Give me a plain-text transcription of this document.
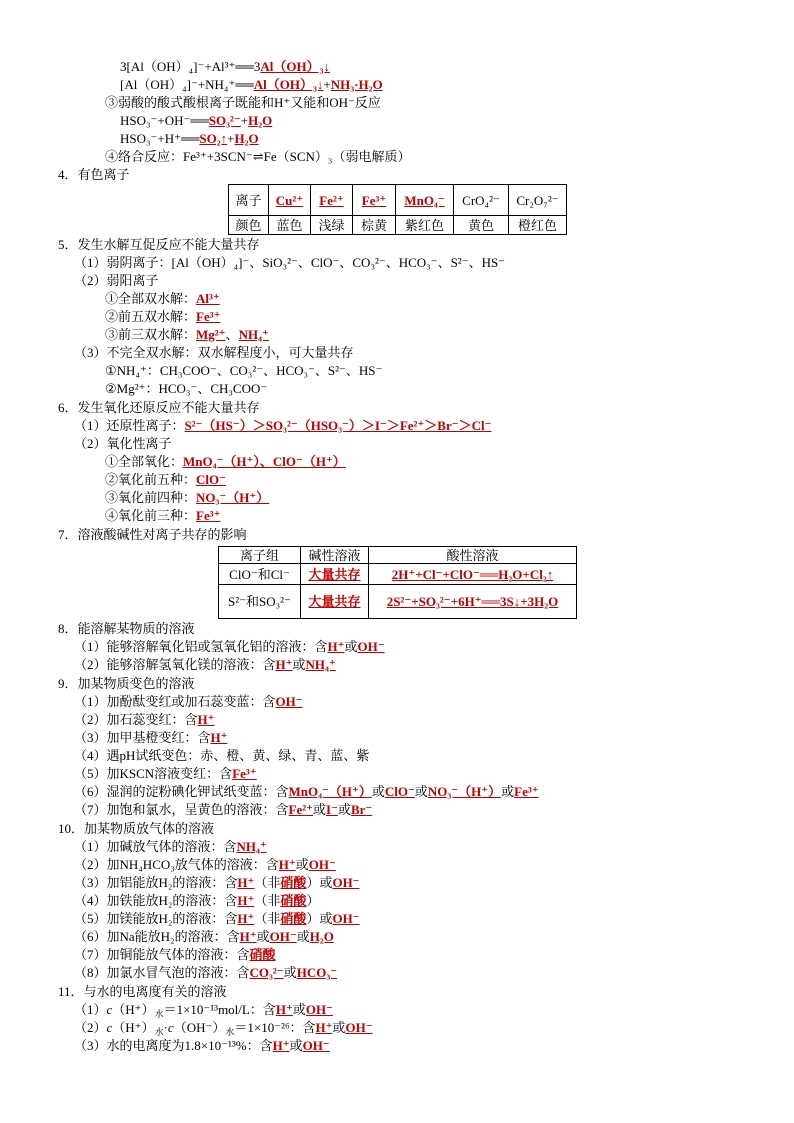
3[Al（OH）₄]⁻+Al³⁺══3Al（OH）₃↓
[Al（OH）₄]⁻+NH₄⁺══Al（OH）₃↓+NH₃·H₂O
③弱酸的酸式酸根离子既能和H⁺又能和OH⁻反应
HSO₃⁻+OH⁻══SO₃²⁻+H₂O
HSO₃⁻+H⁺══SO₂↑+H₂O
④络合反应：Fe³⁺+3SCN⁻⇌Fe（SCN）₃（弱电解质）
4．有色离子
离子	Cu²⁺	Fe²⁺	Fe³⁺	MnO₄⁻	CrO₄²⁻	Cr₂O₇²⁻
颜色	蓝色	浅绿	棕黄	紫红色	黄色	橙红色
5．发生水解互促反应不能大量共存
（1）弱阴离子：[Al（OH）₄]⁻、SiO₃²⁻、ClO⁻、CO₃²⁻、HCO₃⁻、S²⁻、HS⁻
（2）弱阳离子
①全部双水解：Al³⁺
②前五双水解：Fe³⁺
③前三双水解：Mg²⁺、NH₄⁺
（3）不完全双水解：双水解程度小，可大量共存
①NH₄⁺：CH₃COO⁻、CO₃²⁻、HCO₃⁻、S²⁻、HS⁻
②Mg²⁺：HCO₃⁻、CH₃COO⁻
6．发生氧化还原反应不能大量共存
（1）还原性离子：S²⁻（HS⁻）＞SO₃²⁻（HSO₃⁻）＞I⁻＞Fe²⁺＞Br⁻＞Cl⁻
（2）氧化性离子
①全部氧化：MnO₄⁻（H⁺）、ClO⁻（H⁺）
②氧化前五种：ClO⁻
③氧化前四种：NO₃⁻（H⁺）
④氧化前三种：Fe³⁺
7．溶液酸碱性对离子共存的影响
离子组	碱性溶液	酸性溶液
ClO⁻和Cl⁻	大量共存	2H⁺+Cl⁻+ClO⁻══H₂O+Cl₂↑
S²⁻和SO₃²⁻	大量共存	2S²⁻+SO₃²⁻+6H⁺══3S↓+3H₂O
8．能溶解某物质的溶液
（1）能够溶解氧化铝或氢氧化铝的溶液：含H⁺或OH⁻
（2）能够溶解氢氧化镁的溶液：含H⁺或NH₄⁺
9．加某物质变色的溶液
（1）加酚酞变红或加石蕊变蓝：含OH⁻
（2）加石蕊变红：含H⁺
（3）加甲基橙变红：含H⁺
（4）遇pH试纸变色：赤、橙、黄、绿、青、蓝、紫
（5）加KSCN溶液变红：含Fe³⁺
（6）湿润的淀粉碘化钾试纸变蓝：含MnO₄⁻（H⁺）或ClO⁻或NO₃⁻（H⁺）或Fe³⁺
（7）加饱和氯水，呈黄色的溶液：含Fe²⁺或I⁻或Br⁻
10．加某物质放气体的溶液
（1）加碱放气体的溶液：含NH₄⁺
（2）加NH₄HCO₃放气体的溶液：含H⁺或OH⁻
（3）加铝能放H₂的溶液：含H⁺（非硝酸）或OH⁻
（4）加铁能放H₂的溶液：含H⁺（非硝酸）
（5）加镁能放H₂的溶液：含H⁺（非硝酸）或OH⁻
（6）加Na能放H₂的溶液：含H⁺或OH⁻或H₂O
（7）加铜能放气体的溶液：含硝酸
（8）加氯水冒气泡的溶液：含CO₃²⁻或HCO₃⁻
11．与水的电离度有关的溶液
$(1)c(H^+)_水=1\times 10^{-13}mol/L$：含H⁺或OH⁻
$(2)c(H^+)_水\cdot c(OH^-)_水=1\times 10^{-26}$：含H⁺或OH⁻
（3）水的电离度为1.8×10⁻¹³%：含H⁺或OH⁻
